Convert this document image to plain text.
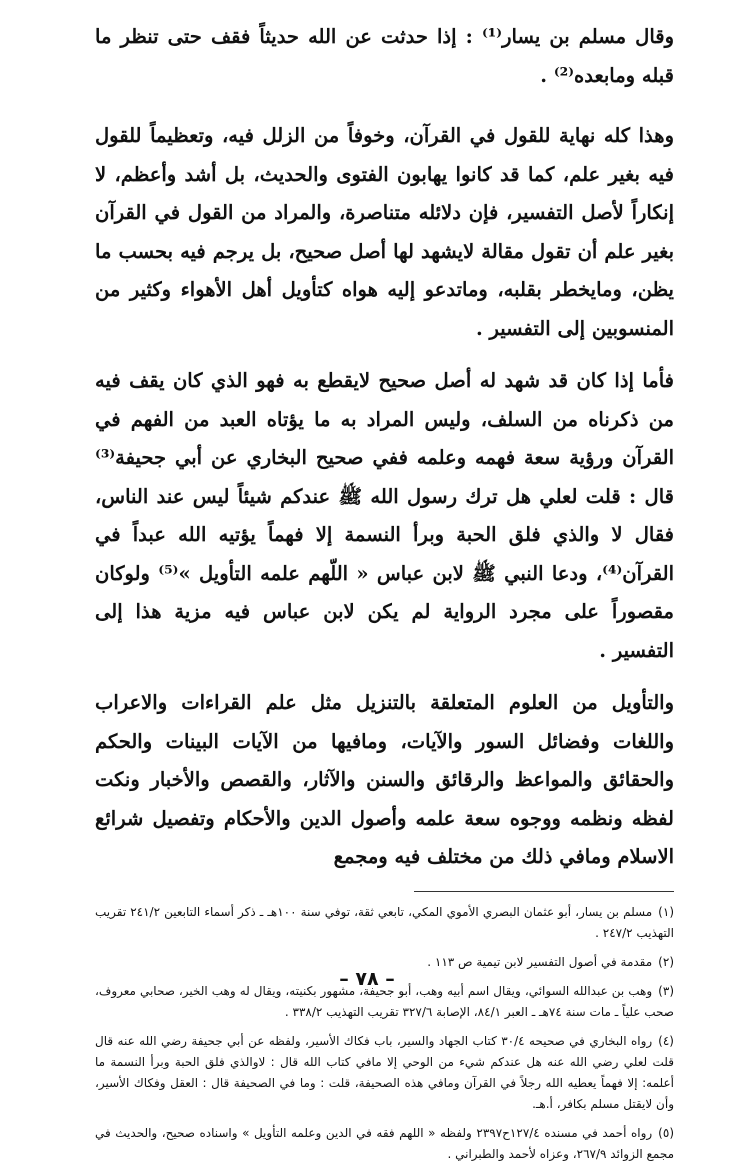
وقال مسلم بن يسار⁽¹⁾ : إذا حدثت عن الله حديثاً فقف حتى تنظر ما قبله ومابعده⁽²⁾ .

وهذا كله نهاية للقول في القرآن، وخوفاً من الزلل فيه، وتعظيماً للقول فيه بغير علم، كما قد كانوا يهابون الفتوى والحديث، بل أشد وأعظم، لا إنكاراً لأصل التفسير، فإن دلائله متناصرة، والمراد من القول في القرآن بغير علم أن تقول مقالة لايشهد لها أصل صحيح، بل يرجم فيه بحسب ما يظن، ومايخطر بقلبه، وماتدعو إليه هواه كتأويل أهل الأهواء وكثير من المنسوبين إلى التفسير .

فأما إذا كان قد شهد له أصل صحيح لايقطع به فهو الذي كان يقف فيه من ذكرناه من السلف، وليس المراد به ما يؤتاه العبد من الفهم في القرآن ورؤية سعة فهمه وعلمه ففي صحيح البخاري عن أبي جحيفة⁽³⁾ قال : قلت لعلي هل ترك رسول الله ﷺ عندكم شيئاً ليس عند الناس، فقال لا والذي فلق الحبة وبرأ النسمة إلا فهماً يؤتيه الله عبداً في القرآن⁽⁴⁾، ودعا النبي ﷺ لابن عباس « اللّهم علمه التأويل »⁽⁵⁾ ولوكان مقصوراً على مجرد الرواية لم يكن لابن عباس فيه مزية هذا إلى التفسير .

والتأويل من العلوم المتعلقة بالتنزيل مثل علم القراءات والاعراب واللغات وفضائل السور والآيات، ومافيها من الآيات البينات والحكم والحقائق والمواعظ والرقائق والسنن والآثار، والقصص والأخبار ونكت لفظه ونظمه ووجوه سعة علمه وأصول الدين والأحكام وتفصيل شرائع الاسلام ومافي ذلك من مختلف فيه ومجمع

(١)مسلم بن يسار، أبو عثمان البصري الأموي المكي، تابعي ثقة، توفي سنة ١٠٠هـ ـ ذكر أسماء التابعين ٢٤١/٢ تقريب التهذيب ٢٤٧/٢ .

(٢)مقدمة في أصول التفسير لابن تيمية ص ١١٣ .

(٣)وهب بن عبدالله السوائي، ويقال اسم أبيه وهب، أبو جحيفة، مشهور بكنيته، ويقال له وهب الخير، صحابي معروف، صحب علياً ـ مات سنة ٧٤هـ ـ العبر ٨٤/١، الإصابة ٣٢٧/٦ تقريب التهذيب ٣٣٨/٢ .

(٤)رواه البخاري في صحيحه ٣٠/٤ كتاب الجهاد والسير، باب فكاك الأسير، ولفظه عن أبي جحيفة رضي الله عنه قال قلت لعلي رضي الله عنه هل عندكم شيء من الوحي إلا مافي كتاب الله قال : لاوالذي فلق الحبة وبرأ النسمة ما أعلمه: إلا فهماً يعطيه الله رجلاً في القرآن ومافي هذه الصحيفة، قلت : وما في الصحيفة قال : العقل وفكاك الأسير، وأن لايقتل مسلم بكافر، أ.هـ.

(٥)رواه أحمد في مسنده ١٢٧/٤ح٢٣٩٧ ولفظه « اللهم فقه في الدين وعلمه التأويل » واسناده صحيح، والحديث في مجمع الزوائد ٢٦٧/٩، وعزاه لأحمد والطبراني .

– ٧٨ –
